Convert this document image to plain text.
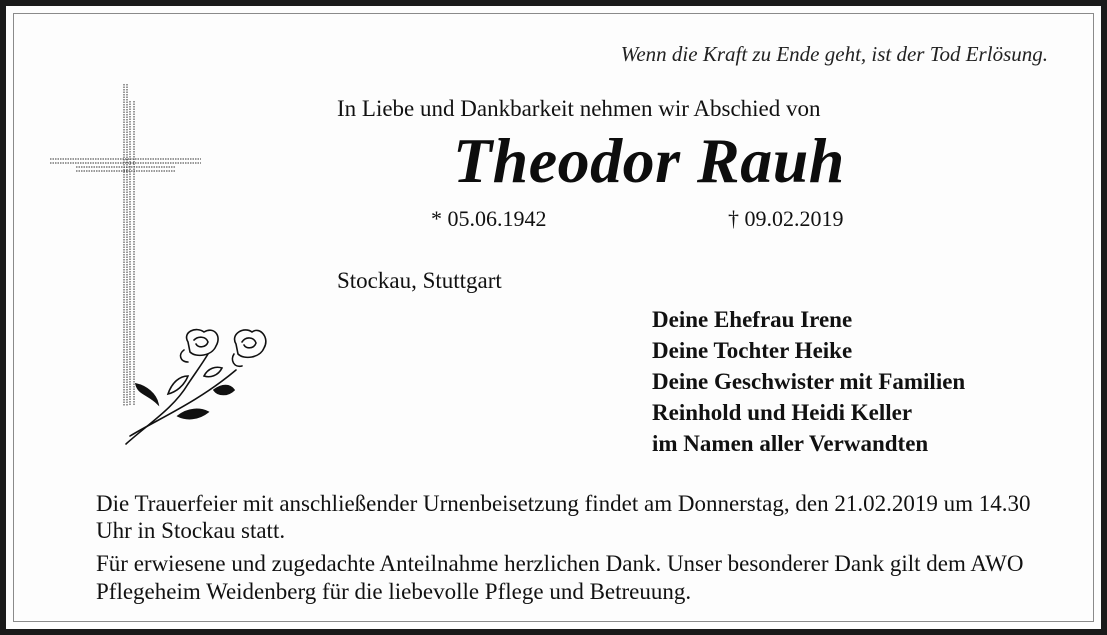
Wenn die Kraft zu Ende geht, ist der Tod Erlösung.
In Liebe und Dankbarkeit nehmen wir Abschied von
Theodor Rauh
* 05.06.1942	† 09.02.2019
Stockau, Stuttgart
Deine Ehefrau Irene
Deine Tochter Heike
Deine Geschwister mit Familien
Reinhold und Heidi Keller
im Namen aller Verwandten
Die Trauerfeier mit anschließender Urnenbeisetzung findet am Donnerstag, den 21.02.2019 um 14.30 Uhr in Stockau statt.
Für erwiesene und zugedachte Anteilnahme herzlichen Dank. Unser besonderer Dank gilt dem AWO Pflegeheim Weidenberg für die liebevolle Pflege und Betreuung.
